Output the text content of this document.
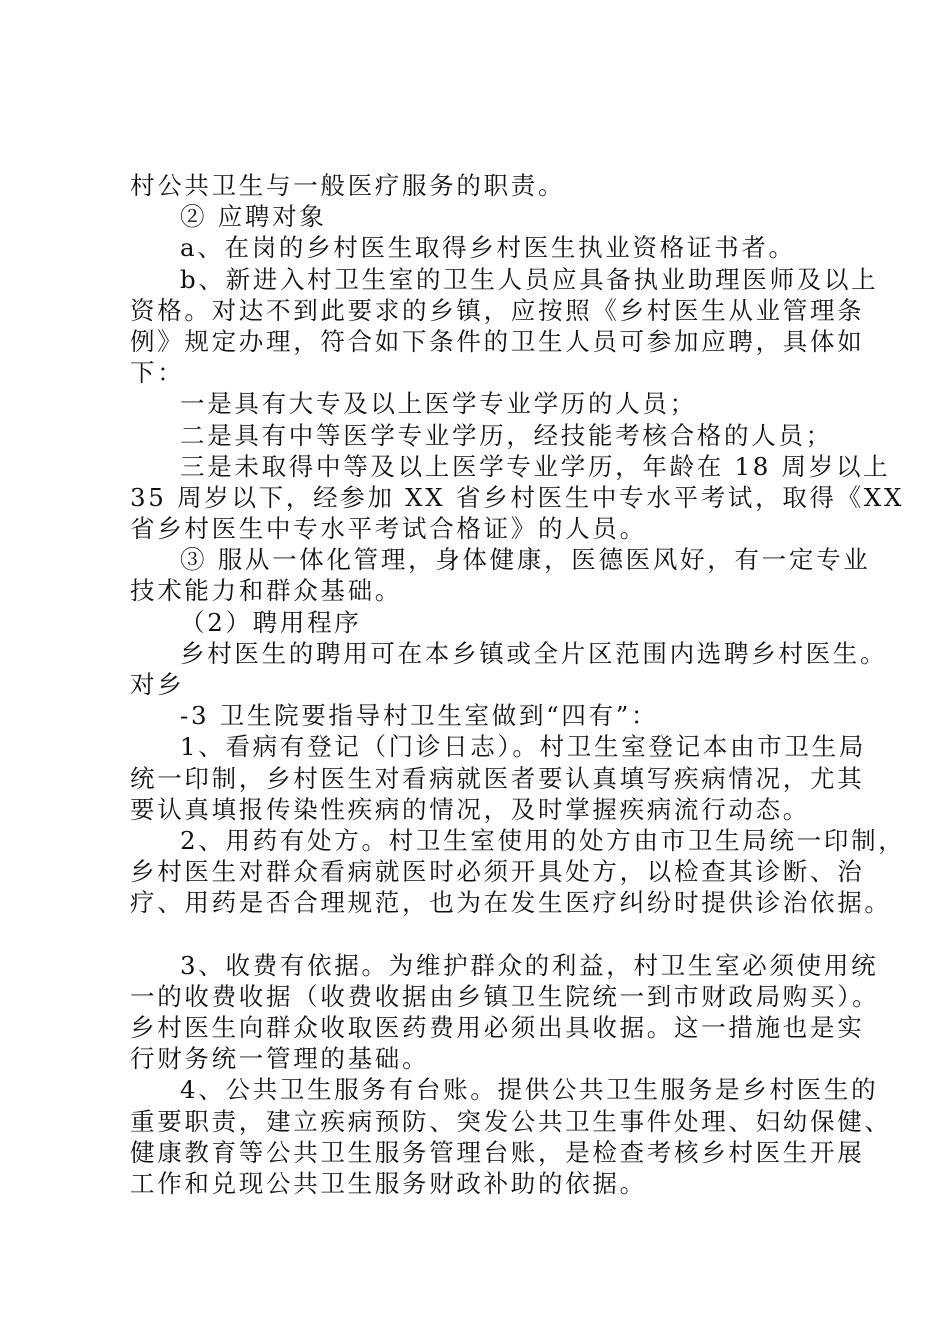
村公共卫生与一般医疗服务的职责。
② 应聘对象
a、在岗的乡村医生取得乡村医生执业资格证书者。
b、新进入村卫生室的卫生人员应具备执业助理医师及以上
资格。对达不到此要求的乡镇，应按照《乡村医生从业管理条
例》规定办理，符合如下条件的卫生人员可参加应聘，具体如
下：
一是具有大专及以上医学专业学历的人员；
二是具有中等医学专业学历，经技能考核合格的人员；
三是未取得中等及以上医学专业学历，年龄在 18 周岁以上
35 周岁以下，经参加 XX 省乡村医生中专水平考试，取得《XX
省乡村医生中专水平考试合格证》的人员。
③ 服从一体化管理，身体健康，医德医风好，有一定专业
技术能力和群众基础。
（2）聘用程序
乡村医生的聘用可在本乡镇或全片区范围内选聘乡村医生。
对乡
-3 卫生院要指导村卫生室做到“四有”：
1、看病有登记（门诊日志）。村卫生室登记本由市卫生局
统一印制，乡村医生对看病就医者要认真填写疾病情况，尤其
要认真填报传染性疾病的情况，及时掌握疾病流行动态。
2、用药有处方。村卫生室使用的处方由市卫生局统一印制，
乡村医生对群众看病就医时必须开具处方，以检查其诊断、治
疗、用药是否合理规范，也为在发生医疗纠纷时提供诊治依据。
3、收费有依据。为维护群众的利益，村卫生室必须使用统
一的收费收据（收费收据由乡镇卫生院统一到市财政局购买）。
乡村医生向群众收取医药费用必须出具收据。这一措施也是实
行财务统一管理的基础。
4、公共卫生服务有台账。提供公共卫生服务是乡村医生的
重要职责，建立疾病预防、突发公共卫生事件处理、妇幼保健、
健康教育等公共卫生服务管理台账，是检查考核乡村医生开展
工作和兑现公共卫生服务财政补助的依据。
